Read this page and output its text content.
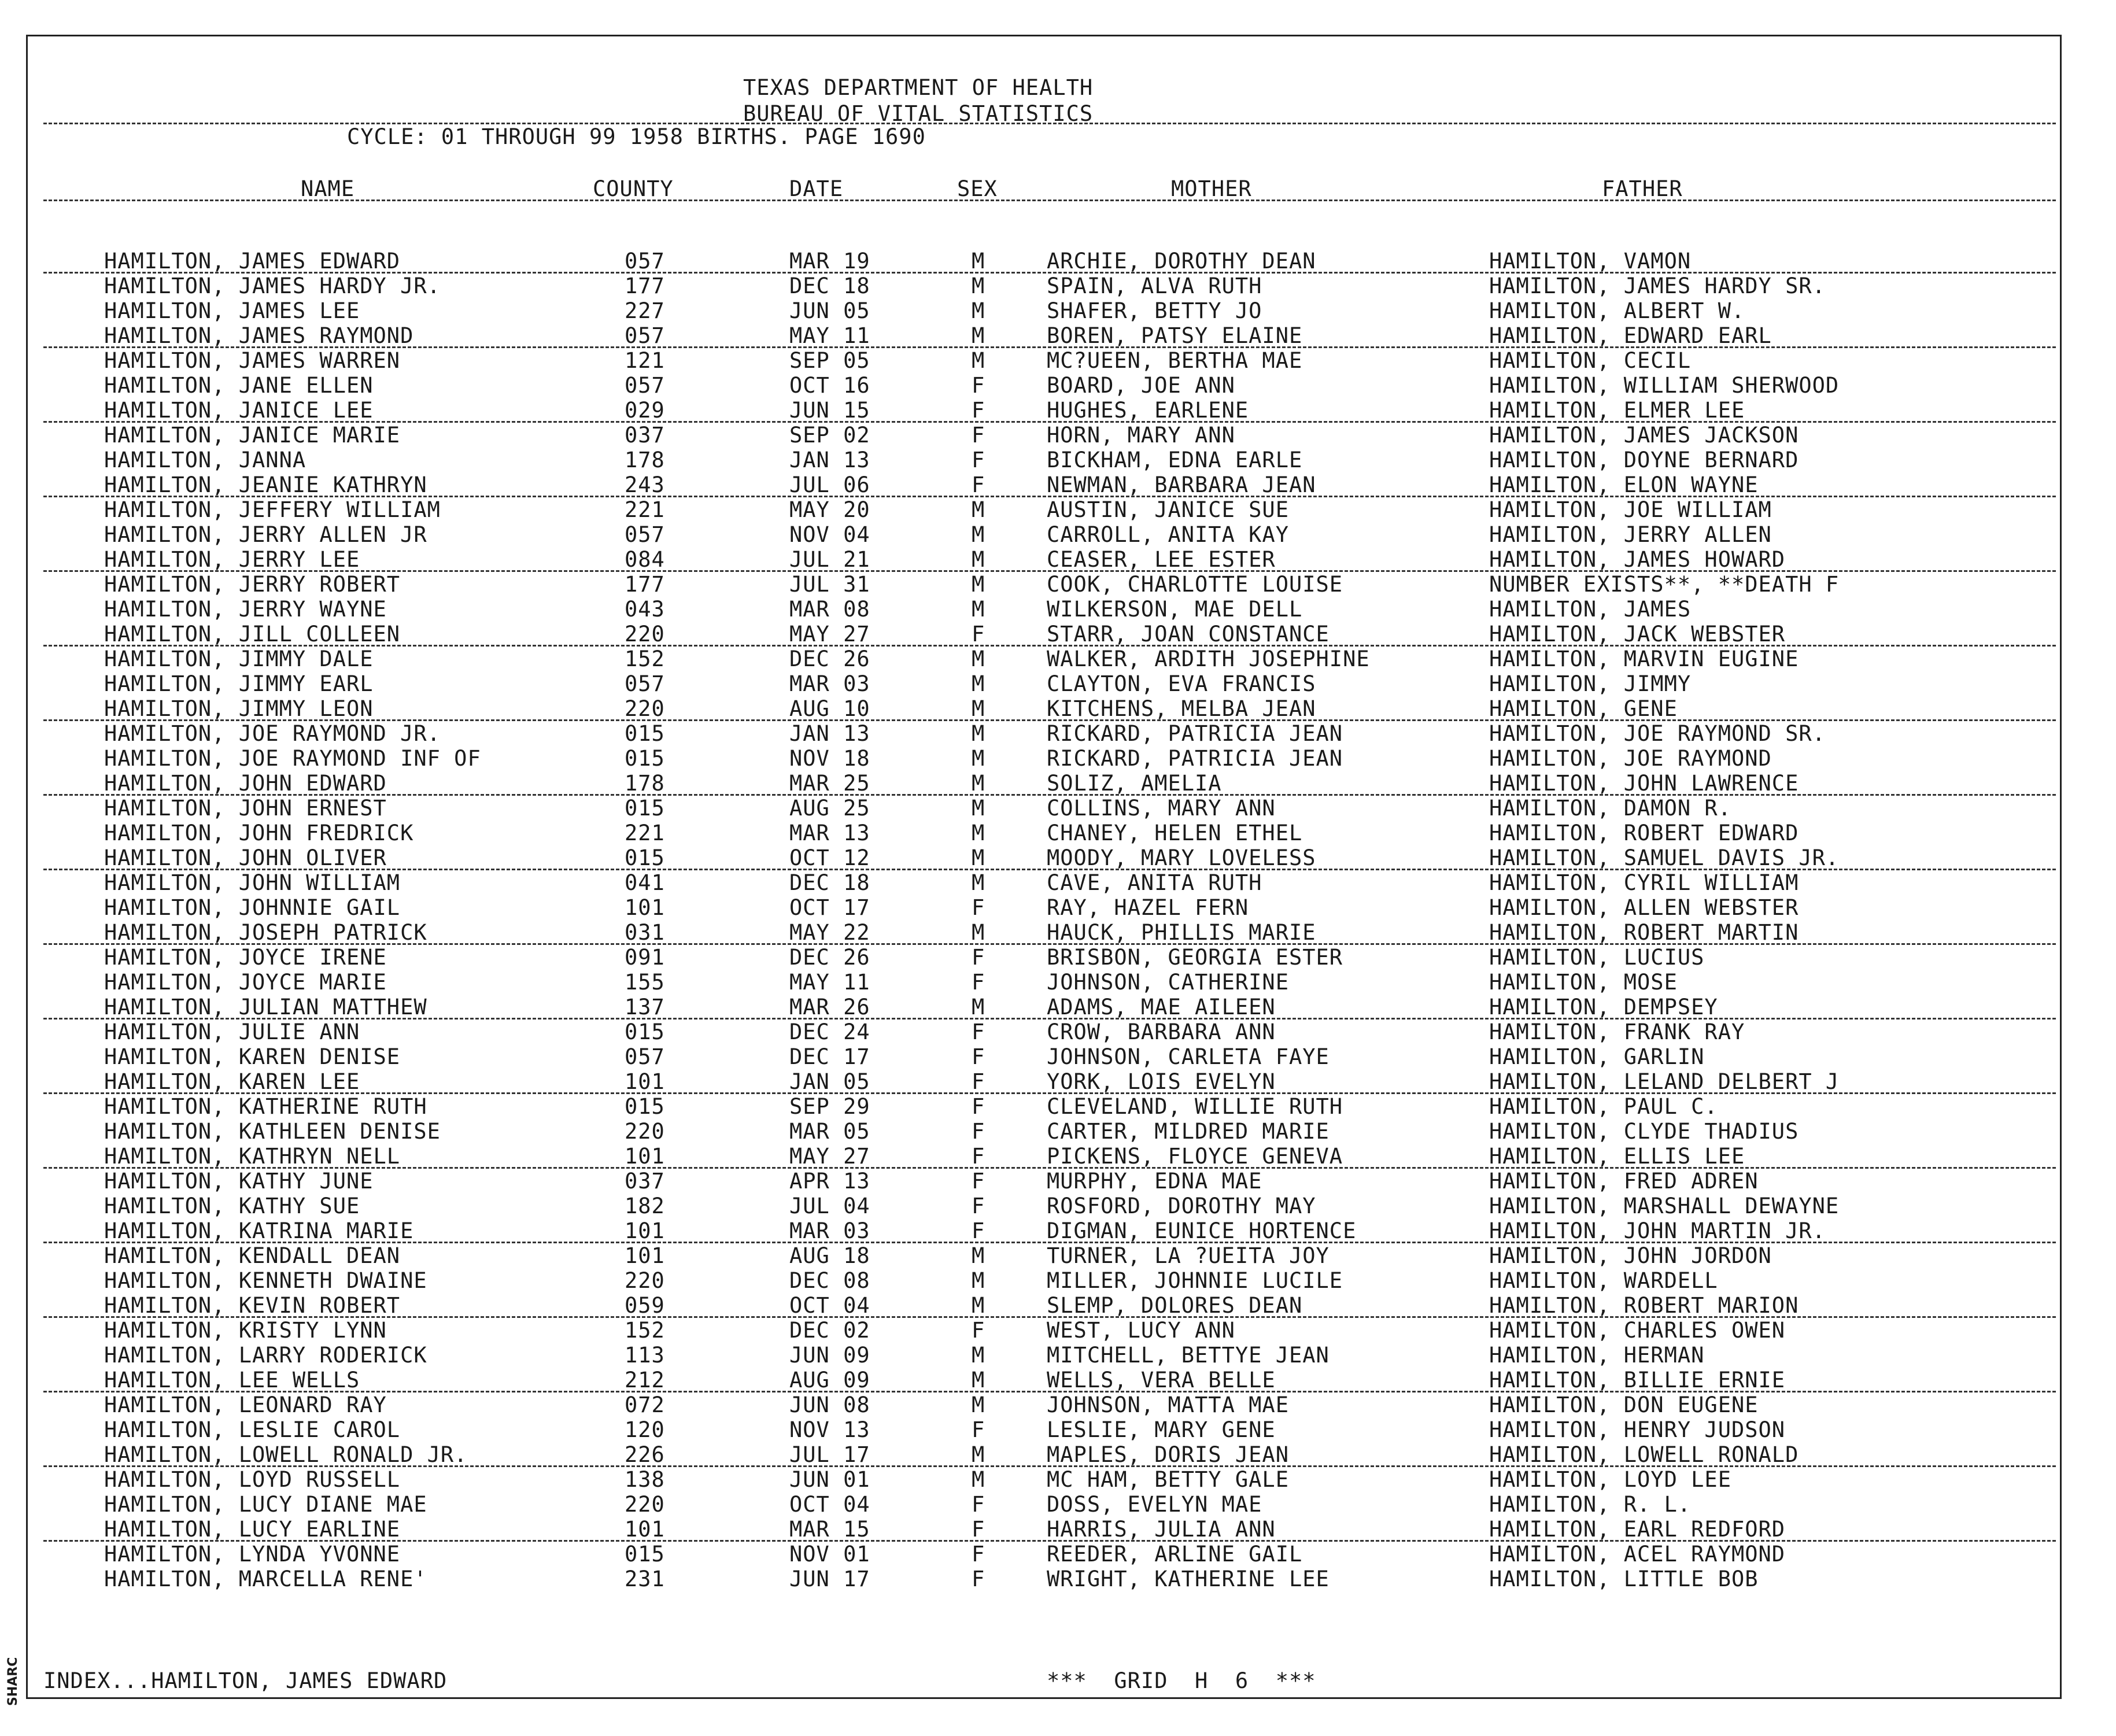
SHARC
TEXAS DEPARTMENT OF HEALTH
BUREAU OF VITAL STATISTICS
CYCLE: 01 THROUGH 99 1958 BIRTHS. PAGE 1690
NAME	COUNTY	DATE	SEX	MOTHER	FATHER
HAMILTON, JAMES EDWARD	057	MAR 19	M	ARCHIE, DOROTHY DEAN	HAMILTON, VAMON
HAMILTON, JAMES HARDY JR.	177	DEC 18	M	SPAIN, ALVA RUTH	HAMILTON, JAMES HARDY SR.
HAMILTON, JAMES LEE	227	JUN 05	M	SHAFER, BETTY JO	HAMILTON, ALBERT W.
HAMILTON, JAMES RAYMOND	057	MAY 11	M	BOREN, PATSY ELAINE	HAMILTON, EDWARD EARL
HAMILTON, JAMES WARREN	121	SEP 05	M	MC?UEEN, BERTHA MAE	HAMILTON, CECIL
HAMILTON, JANE ELLEN	057	OCT 16	F	BOARD, JOE ANN	HAMILTON, WILLIAM SHERWOOD
HAMILTON, JANICE LEE	029	JUN 15	F	HUGHES, EARLENE	HAMILTON, ELMER LEE
HAMILTON, JANICE MARIE	037	SEP 02	F	HORN, MARY ANN	HAMILTON, JAMES JACKSON
HAMILTON, JANNA	178	JAN 13	F	BICKHAM, EDNA EARLE	HAMILTON, DOYNE BERNARD
HAMILTON, JEANIE KATHRYN	243	JUL 06	F	NEWMAN, BARBARA JEAN	HAMILTON, ELON WAYNE
HAMILTON, JEFFERY WILLIAM	221	MAY 20	M	AUSTIN, JANICE SUE	HAMILTON, JOE WILLIAM
HAMILTON, JERRY ALLEN JR	057	NOV 04	M	CARROLL, ANITA KAY	HAMILTON, JERRY ALLEN
HAMILTON, JERRY LEE	084	JUL 21	M	CEASER, LEE ESTER	HAMILTON, JAMES HOWARD
HAMILTON, JERRY ROBERT	177	JUL 31	M	COOK, CHARLOTTE LOUISE	NUMBER EXISTS**, **DEATH F
HAMILTON, JERRY WAYNE	043	MAR 08	M	WILKERSON, MAE DELL	HAMILTON, JAMES
HAMILTON, JILL COLLEEN	220	MAY 27	F	STARR, JOAN CONSTANCE	HAMILTON, JACK WEBSTER
HAMILTON, JIMMY DALE	152	DEC 26	M	WALKER, ARDITH JOSEPHINE	HAMILTON, MARVIN EUGINE
HAMILTON, JIMMY EARL	057	MAR 03	M	CLAYTON, EVA FRANCIS	HAMILTON, JIMMY
HAMILTON, JIMMY LEON	220	AUG 10	M	KITCHENS, MELBA JEAN	HAMILTON, GENE
HAMILTON, JOE RAYMOND JR.	015	JAN 13	M	RICKARD, PATRICIA JEAN	HAMILTON, JOE RAYMOND SR.
HAMILTON, JOE RAYMOND INF OF	015	NOV 18	M	RICKARD, PATRICIA JEAN	HAMILTON, JOE RAYMOND
HAMILTON, JOHN EDWARD	178	MAR 25	M	SOLIZ, AMELIA	HAMILTON, JOHN LAWRENCE
HAMILTON, JOHN ERNEST	015	AUG 25	M	COLLINS, MARY ANN	HAMILTON, DAMON R.
HAMILTON, JOHN FREDRICK	221	MAR 13	M	CHANEY, HELEN ETHEL	HAMILTON, ROBERT EDWARD
HAMILTON, JOHN OLIVER	015	OCT 12	M	MOODY, MARY LOVELESS	HAMILTON, SAMUEL DAVIS JR.
HAMILTON, JOHN WILLIAM	041	DEC 18	M	CAVE, ANITA RUTH	HAMILTON, CYRIL WILLIAM
HAMILTON, JOHNNIE GAIL	101	OCT 17	F	RAY, HAZEL FERN	HAMILTON, ALLEN WEBSTER
HAMILTON, JOSEPH PATRICK	031	MAY 22	M	HAUCK, PHILLIS MARIE	HAMILTON, ROBERT MARTIN
HAMILTON, JOYCE IRENE	091	DEC 26	F	BRISBON, GEORGIA ESTER	HAMILTON, LUCIUS
HAMILTON, JOYCE MARIE	155	MAY 11	F	JOHNSON, CATHERINE	HAMILTON, MOSE
HAMILTON, JULIAN MATTHEW	137	MAR 26	M	ADAMS, MAE AILEEN	HAMILTON, DEMPSEY
HAMILTON, JULIE ANN	015	DEC 24	F	CROW, BARBARA ANN	HAMILTON, FRANK RAY
HAMILTON, KAREN DENISE	057	DEC 17	F	JOHNSON, CARLETA FAYE	HAMILTON, GARLIN
HAMILTON, KAREN LEE	101	JAN 05	F	YORK, LOIS EVELYN	HAMILTON, LELAND DELBERT J
HAMILTON, KATHERINE RUTH	015	SEP 29	F	CLEVELAND, WILLIE RUTH	HAMILTON, PAUL C.
HAMILTON, KATHLEEN DENISE	220	MAR 05	F	CARTER, MILDRED MARIE	HAMILTON, CLYDE THADIUS
HAMILTON, KATHRYN NELL	101	MAY 27	F	PICKENS, FLOYCE GENEVA	HAMILTON, ELLIS LEE
HAMILTON, KATHY JUNE	037	APR 13	F	MURPHY, EDNA MAE	HAMILTON, FRED ADREN
HAMILTON, KATHY SUE	182	JUL 04	F	ROSFORD, DOROTHY MAY	HAMILTON, MARSHALL DEWAYNE
HAMILTON, KATRINA MARIE	101	MAR 03	F	DIGMAN, EUNICE HORTENCE	HAMILTON, JOHN MARTIN JR.
HAMILTON, KENDALL DEAN	101	AUG 18	M	TURNER, LA ?UEITA JOY	HAMILTON, JOHN JORDON
HAMILTON, KENNETH DWAINE	220	DEC 08	M	MILLER, JOHNNIE LUCILE	HAMILTON, WARDELL
HAMILTON, KEVIN ROBERT	059	OCT 04	M	SLEMP, DOLORES DEAN	HAMILTON, ROBERT MARION
HAMILTON, KRISTY LYNN	152	DEC 02	F	WEST, LUCY ANN	HAMILTON, CHARLES OWEN
HAMILTON, LARRY RODERICK	113	JUN 09	M	MITCHELL, BETTYE JEAN	HAMILTON, HERMAN
HAMILTON, LEE WELLS	212	AUG 09	M	WELLS, VERA BELLE	HAMILTON, BILLIE ERNIE
HAMILTON, LEONARD RAY	072	JUN 08	M	JOHNSON, MATTA MAE	HAMILTON, DON EUGENE
HAMILTON, LESLIE CAROL	120	NOV 13	F	LESLIE, MARY GENE	HAMILTON, HENRY JUDSON
HAMILTON, LOWELL RONALD JR.	226	JUL 17	M	MAPLES, DORIS JEAN	HAMILTON, LOWELL RONALD
HAMILTON, LOYD RUSSELL	138	JUN 01	M	MC HAM, BETTY GALE	HAMILTON, LOYD LEE
HAMILTON, LUCY DIANE MAE	220	OCT 04	F	DOSS, EVELYN MAE	HAMILTON, R. L.
HAMILTON, LUCY EARLINE	101	MAR 15	F	HARRIS, JULIA ANN	HAMILTON, EARL REDFORD
HAMILTON, LYNDA YVONNE	015	NOV 01	F	REEDER, ARLINE GAIL	HAMILTON, ACEL RAYMOND
HAMILTON, MARCELLA RENE'	231	JUN 17	F	WRIGHT, KATHERINE LEE	HAMILTON, LITTLE BOB
INDEX...HAMILTON, JAMES EDWARD	***  GRID  H  6  ***
